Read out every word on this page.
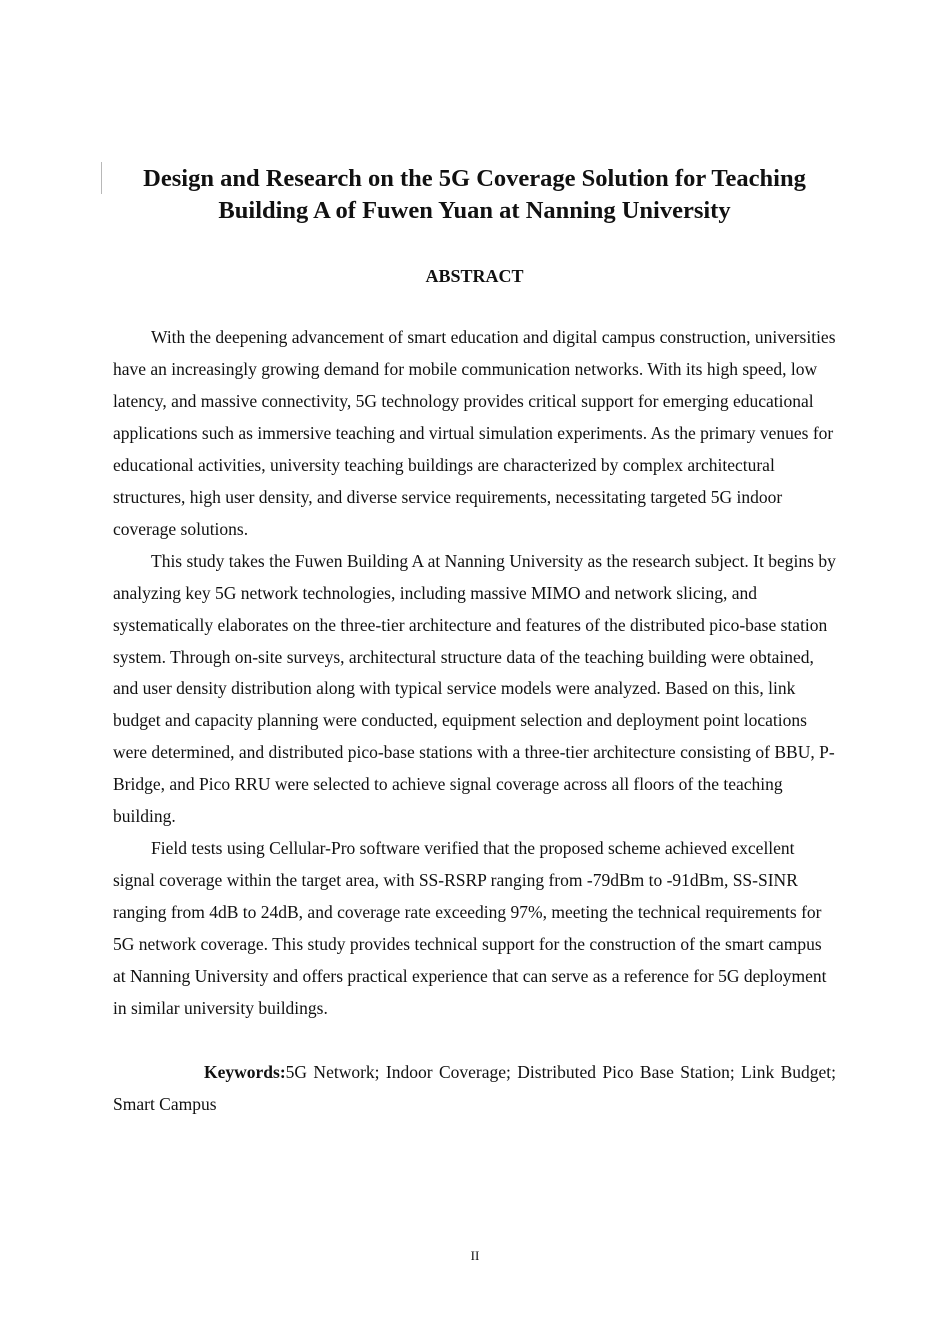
Design and Research on the 5G Coverage Solution for Teaching Building A of Fuwen Yuan at Nanning University
ABSTRACT

With the deepening advancement of smart education and digital campus construction, universities have an increasingly growing demand for mobile communication networks. With its high speed, low latency, and massive connectivity, 5G technology provides critical support for emerging educational applications such as immersive teaching and virtual simulation experiments. As the primary venues for educational activities, university teaching buildings are characterized by complex architectural structures, high user density, and diverse service requirements, necessitating targeted 5G indoor coverage solutions.

This study takes the Fuwen Building A at Nanning University as the research subject. It begins by analyzing key 5G network technologies, including massive MIMO and network slicing, and systematically elaborates on the three-tier architecture and features of the distributed pico-base station system. Through on-site surveys, architectural structure data of the teaching building were obtained, and user density distribution along with typical service models were analyzed. Based on this, link budget and capacity planning were conducted, equipment selection and deployment point locations were determined, and distributed pico-base stations with a three-tier architecture consisting of BBU, P-Bridge, and Pico RRU were selected to achieve signal coverage across all floors of the teaching building.

Field tests using Cellular-Pro software verified that the proposed scheme achieved excellent signal coverage within the target area, with SS-RSRP ranging from -79dBm to -91dBm, SS-SINR ranging from 4dB to 24dB, and coverage rate exceeding 97%, meeting the technical requirements for 5G network coverage. This study provides technical support for the construction of the smart campus at Nanning University and offers practical experience that can serve as a reference for 5G deployment in similar university buildings.

Keywords:5G Network; Indoor Coverage; Distributed Pico Base Station; Link Budget; Smart Campus

II
